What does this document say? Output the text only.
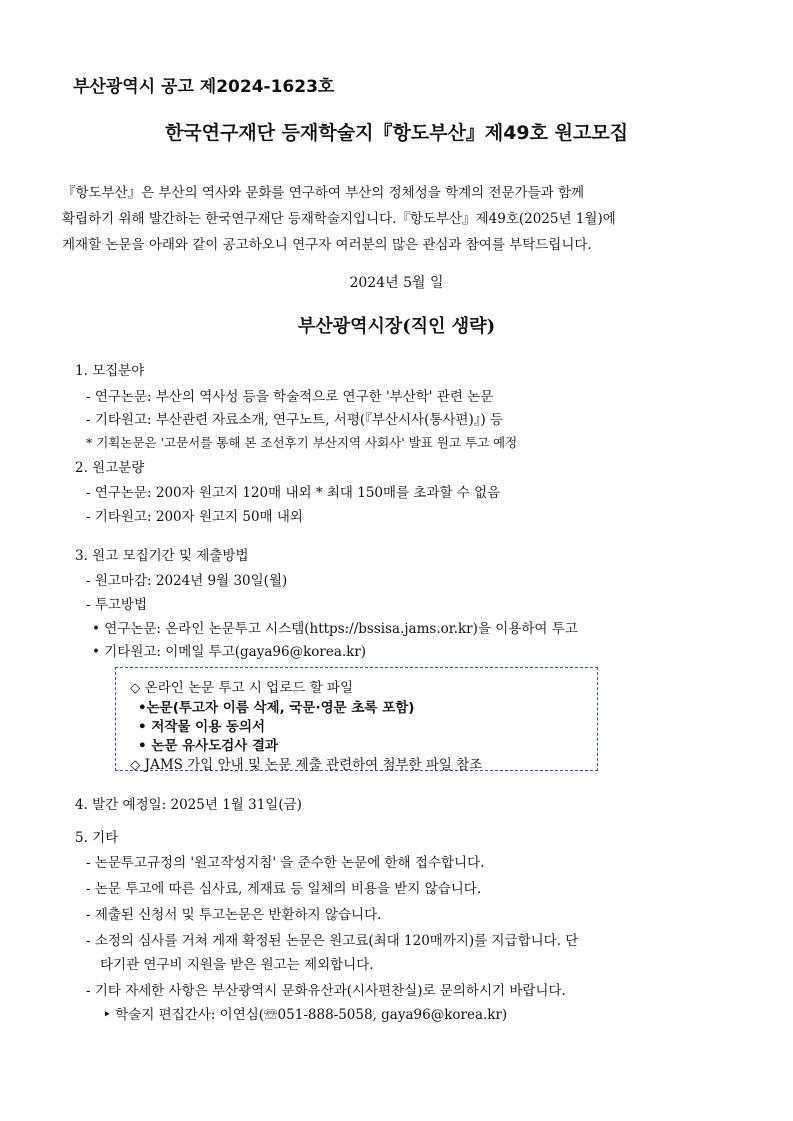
부산광역시 공고 제2024-1623호
한국연구재단 등재학술지『항도부산』제49호 원고모집
『항도부산』은 부산의 역사와 문화를 연구하여 부산의 정체성을 학계의 전문가들과 함께
확립하기 위해 발간하는 한국연구재단 등재학술지입니다.『항도부산』제49호(2025년 1월)에
게재할 논문을 아래와 같이 공고하오니 연구자 여러분의 많은 관심과 참여를 부탁드립니다.
2024년 5월 일
부산광역시장(직인 생략)
1. 모집분야
- 연구논문: 부산의 역사성 등을 학술적으로 연구한 '부산학' 관련 논문
- 기타원고: 부산관련 자료소개, 연구노트, 서평(『부산시사(통사편)』) 등
* 기획논문은 '고문서를 통해 본 조선후기 부산지역 사회사' 발표 원고 투고 예정
2. 원고분량
- 연구논문: 200자 원고지 120매 내외 * 최대 150매를 초과할 수 없음
- 기타원고: 200자 원고지 50매 내외
3. 원고 모집기간 및 제출방법
- 원고마감: 2024년 9월 30일(월)
- 투고방법
• 연구논문: 온라인 논문투고 시스템(https://bssisa.jams.or.kr)을 이용하여 투고
• 기타원고: 이메일 투고(gaya96@korea.kr)
◇ 온라인 논문 투고 시 업로드 할 파일
•논문(투고자 이름 삭제, 국문·영문 초록 포함)
• 저작물 이용 동의서
• 논문 유사도검사 결과
◇ JAMS 가입 안내 및 논문 제출 관련하여 첨부한 파일 참조
4. 발간 예정일: 2025년 1월 31일(금)
5. 기타
- 논문투고규정의 '원고작성지침' 을 준수한 논문에 한해 접수합니다.
- 논문 투고에 따른 심사료, 게재료 등 일체의 비용을 받지 않습니다.
- 제출된 신청서 및 투고논문은 반환하지 않습니다.
- 소정의 심사를 거쳐 게재 확정된 논문은 원고료(최대 120매까지)를 지급합니다. 단
타기관 연구비 지원을 받은 원고는 제외합니다.
- 기타 자세한 사항은 부산광역시 문화유산과(시사편찬실)로 문의하시기 바랍니다.
‣ 학술지 편집간사: 이연심(☏051-888-5058, gaya96@korea.kr)
